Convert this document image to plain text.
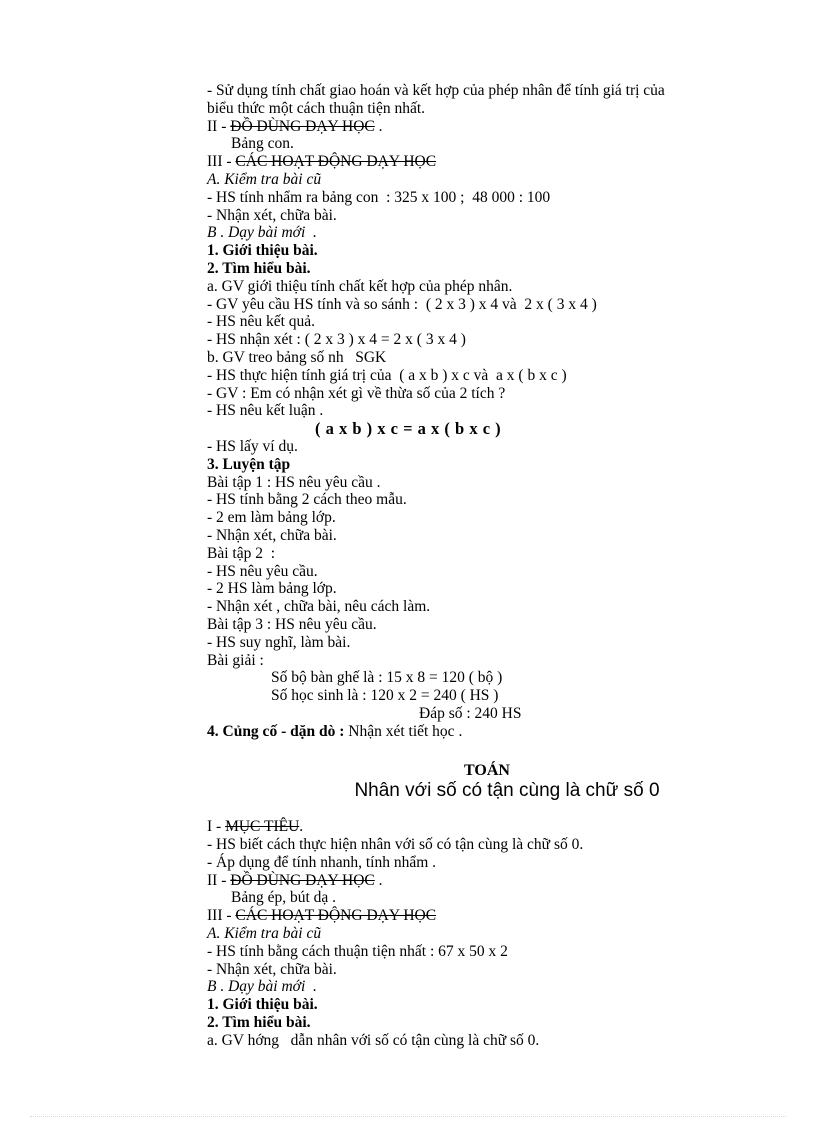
- Sử dụng tính chất giao hoán và kết hợp của phép nhân để tính giá trị của
biểu thức một cách thuận tiện nhất.
II - ĐỒ DÙNG DẠY HỌC .
Bảng con.
III - CÁC HOẠT ĐỘNG DẠY HỌC
A. Kiểm tra bài cũ
- HS tính nhẩm ra bảng con  : 325 x 100 ;  48 000 : 100
- Nhận xét, chữa bài.
B . Dạy bài mới  .
1. Giới thiệu bài.
2. Tìm hiểu bài.
a. GV giới thiệu tính chất kết hợp của phép nhân.
- GV yêu cầu HS tính và so sánh :  ( 2 x 3 ) x 4 và  2 x ( 3 x 4 )
- HS nêu kết quả.
- HS nhận xét : ( 2 x 3 ) x 4 = 2 x ( 3 x 4 )
b. GV treo bảng số nh   SGK
- HS thực hiện tính giá trị của  ( a x b ) x c và  a x ( b x c )
- GV : Em có nhận xét gì về thừa số của 2 tích ?
- HS nêu kết luận .
( a x b ) x c = a x ( b x c )
- HS lấy ví dụ.
3. Luyện tập
Bài tập 1 : HS nêu yêu cầu .
- HS tính bằng 2 cách theo mẫu.
- 2 em làm bảng lớp.
- Nhận xét, chữa bài.
Bài tập 2  :
- HS nêu yêu cầu.
- 2 HS làm bảng lớp.
- Nhận xét , chữa bài, nêu cách làm.
Bài tập 3 : HS nêu yêu cầu.
- HS suy nghĩ, làm bài.
Bài giải :
Số bộ bàn ghế là : 15 x 8 = 120 ( bộ )
Số học sinh là : 120 x 2 = 240 ( HS )
Đáp số : 240 HS
4. Củng cố - dặn dò : Nhận xét tiết học .
TOÁN
Nhân với số có tận cùng là chữ số 0
I - MỤC TIÊU.
- HS biết cách thực hiện nhân với số có tận cùng là chữ số 0.
- Áp dụng để tính nhanh, tính nhẩm .
II - ĐỒ DÙNG DẠY HỌC .
Bảng ép, bút dạ .
III - CÁC HOẠT ĐỘNG DẠY HỌC
A. Kiểm tra bài cũ
- HS tính bằng cách thuận tiện nhất : 67 x 50 x 2
- Nhận xét, chữa bài.
B . Dạy bài mới  .
1. Giới thiệu bài.
2. Tìm hiểu bài.
a. GV hớng   dẫn nhân với số có tận cùng là chữ số 0.
